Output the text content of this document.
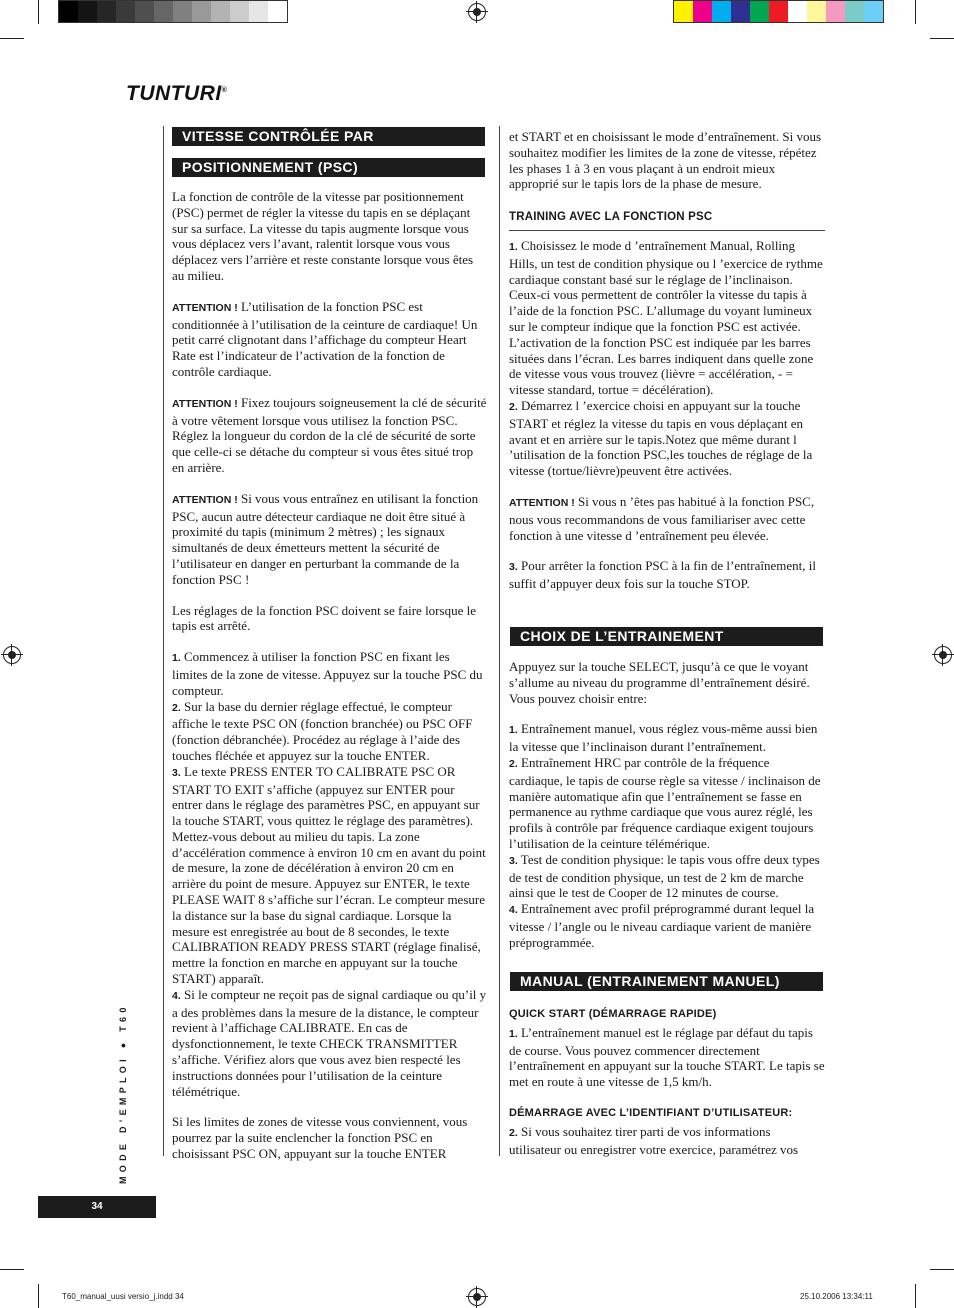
TUNTURI®
VITESSE CONTRÔLÉE PAR
POSITIONNEMENT (PSC)

La fonction de contrôle de la vitesse par positionnement (PSC) permet de régler la vitesse du tapis en se déplaçant sur sa surface. La vitesse du tapis augmente lorsque vous vous déplacez vers l’avant, ralentit lorsque vous vous déplacez vers l’arrière et reste constante lorsque vous êtes au milieu.

ATTENTION ! L’utilisation de la fonction PSC est conditionnée à l’utilisation de la ceinture de cardiaque! Un petit carré clignotant dans l’affichage du compteur Heart Rate est l’indicateur de l’activation de la fonction de contrôle cardiaque.

ATTENTION ! Fixez toujours soigneusement la clé de sécurité à votre vêtement lorsque vous utilisez la fonction PSC. Réglez la longueur du cordon de la clé de sécurité de sorte que celle-ci se détache du compteur si vous êtes situé trop en arrière.

ATTENTION ! Si vous vous entraînez en utilisant la fonction PSC, aucun autre détecteur cardiaque ne doit être situé à proximité du tapis (minimum 2 mètres) ; les signaux simultanés de deux émetteurs mettent la sécurité de l’utilisateur en danger en perturbant la commande de la fonction PSC !

Les réglages de la fonction PSC doivent se faire lorsque le tapis est arrêté.

1. Commencez à utiliser la fonction PSC en fixant les limites de la zone de vitesse. Appuyez sur la touche PSC du compteur.

2. Sur la base du dernier réglage effectué, le compteur affiche le texte PSC ON (fonction branchée) ou PSC OFF (fonction débranchée). Procédez au réglage à l’aide des touches fléchée et appuyez sur la touche ENTER.

3. Le texte PRESS ENTER TO CALIBRATE PSC OR START TO EXIT s’affiche (appuyez sur ENTER pour entrer dans le réglage des paramètres PSC, en appuyant sur la touche START, vous quittez le réglage des paramètres). Mettez-vous debout au milieu du tapis. La zone d’accélération commence à environ 10 cm en avant du point de mesure, la zone de décélération à environ 20 cm en arrière du point de mesure. Appuyez sur ENTER, le texte PLEASE WAIT 8 s’affiche sur l’écran. Le compteur mesure la distance sur la base du signal cardiaque. Lorsque la mesure est enregistrée au bout de 8 secondes, le texte CALIBRATION READY PRESS START (réglage finalisé, mettre la fonction en marche en appuyant sur la touche START) apparaît.

4. Si le compteur ne reçoit pas de signal cardiaque ou qu’il y a des problèmes dans la mesure de la distance, le compteur revient à l’affichage CALIBRATE. En cas de dysfonctionnement, le texte CHECK TRANSMITTER s’affiche. Vérifiez alors que vous avez bien respecté les instructions données pour l’utilisation de la ceinture télémétrique.

Si les limites de zones de vitesse vous conviennent, vous pourrez par la suite enclencher la fonction PSC en choisissant PSC ON, appuyant sur la touche ENTER

et START et en choisissant le mode d’entraînement. Si vous souhaitez modifier les limites de la zone de vitesse, répétez les phases 1 à 3 en vous plaçant à un endroit mieux approprié sur le tapis lors de la phase de mesure.

TRAINING AVEC LA FONCTION PSC

1. Choisissez le mode d ’entraînement Manual, Rolling Hills, un test de condition physique ou l ’exercice de rythme cardiaque constant basé sur le réglage de l’inclinaison. Ceux-ci vous permettent de contrôler la vitesse du tapis à l’aide de la fonction PSC. L’allumage du voyant lumineux sur le compteur indique que la fonction PSC est activée. L’activation de la fonction PSC est indiquée par les barres situées dans l’écran. Les barres indiquent dans quelle zone de vitesse vous vous trouvez (lièvre = accélération, - = vitesse standard, tortue = décélération).

2. Démarrez l ’exercice choisi en appuyant sur la touche START et réglez la vitesse du tapis en vous déplaçant en avant et en arrière sur le tapis.Notez que même durant l ’utilisation de la fonction PSC,les touches de réglage de la vitesse (tortue/lièvre)peuvent être activées.

ATTENTION ! Si vous n ’êtes pas habitué à la fonction PSC, nous vous recommandons de vous familiariser avec cette fonction à une vitesse d ’entraînement peu élevée.

3. Pour arrêter la fonction PSC à la fin de l’entraînement, il suffit d’appuyer deux fois sur la touche STOP.

CHOIX DE L’ENTRAINEMENT

Appuyez sur la touche SELECT, jusqu’à ce que le voyant s’allume au niveau du programme dl’entraînement désiré. Vous pouvez choisir entre:

1. Entraînement manuel, vous réglez vous-même aussi bien la vitesse que l’inclinaison durant l’entraînement.

2. Entraînement HRC par contrôle de la fréquence cardiaque, le tapis de course règle sa vitesse / inclinaison de manière automatique afin que l’entraînement se fasse en permanence au rythme cardiaque que vous aurez réglé, les profils à contrôle par fréquence cardiaque exigent toujours l’utilisation de la ceinture télémérique.

3. Test de condition physique: le tapis vous offre deux types de test de condition physique, un test de 2 km de marche ainsi que le test de Cooper de 12 minutes de course.

4. Entraînement avec profil préprogrammé durant lequel la vitesse / l’angle ou le niveau cardiaque varient de manière préprogrammée.

MANUAL (ENTRAINEMENT MANUEL)
QUICK START (DÉMARRAGE RAPIDE)

1. L’entraînement manuel est le réglage par défaut du tapis de course. Vous pouvez commencer directement l’entraînement en appuyant sur la touche START. Le tapis se met en route à une vitesse de 1,5 km/h.

DÉMARRAGE AVEC L’IDENTIFIANT D’UTILISATEUR:

2. Si vous souhaitez tirer parti de vos informations utilisateur ou enregistrer votre exercice, paramétrez vos

MODE D’EMPLOI ● T60
34
T60_manual_uusi versio_j.indd 34	25.10.2006 13:34:11
